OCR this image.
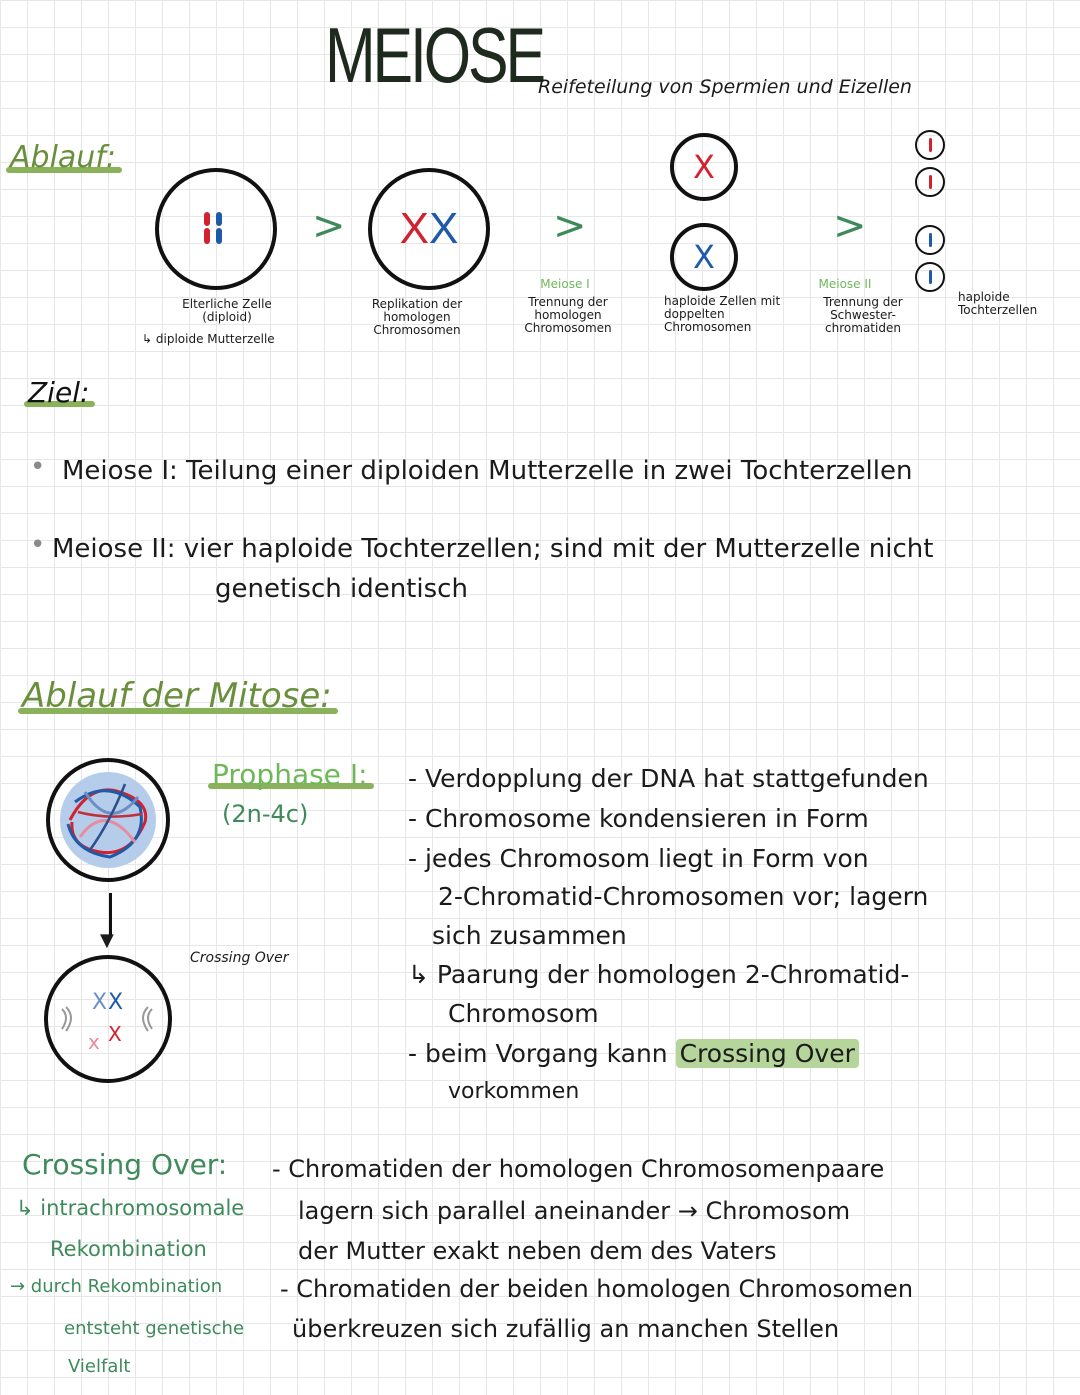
MEIOSE
Reifeteilung von Spermien und Eizellen
Ablauf:
Elterliche Zelle (diploid)
↳ diploide Mutterzelle
> XX
Replikation der homologen Chromosomen
>
Meiose I
Trennung der homologen Chromosomen
X
X
haploide Zellen mit doppelten Chromosomen
>
Meiose II
Trennung der Schwester- chromatiden
haploide Tochterzellen
Ziel:
• Meiose I: Teilung einer diploiden Mutterzelle in zwei Tochterzellen
• Meiose II: vier haploide Tochterzellen; sind mit der Mutterzelle nicht
genetisch identisch
Ablauf der Mitose:
▼
X X
x X
Crossing Over
Prophase I:
(2n-4c)
- Verdopplung der DNA hat stattgefunden
- Chromosome kondensieren in Form
- jedes Chromosom liegt in Form von
2-Chromatid-Chromosomen vor; lagern
sich zusammen
↳ Paarung der homologen 2-Chromatid-
Chromosom
- beim Vorgang kann Crossing Over
vorkommen
Crossing Over:
↳ intrachromosomale
Rekombination
→ durch Rekombination
entsteht genetische
Vielfalt
- Chromatiden der homologen Chromosomenpaare
lagern sich parallel aneinander → Chromosom
der Mutter exakt neben dem des Vaters
- Chromatiden der beiden homologen Chromosomen
überkreuzen sich zufällig an manchen Stellen
